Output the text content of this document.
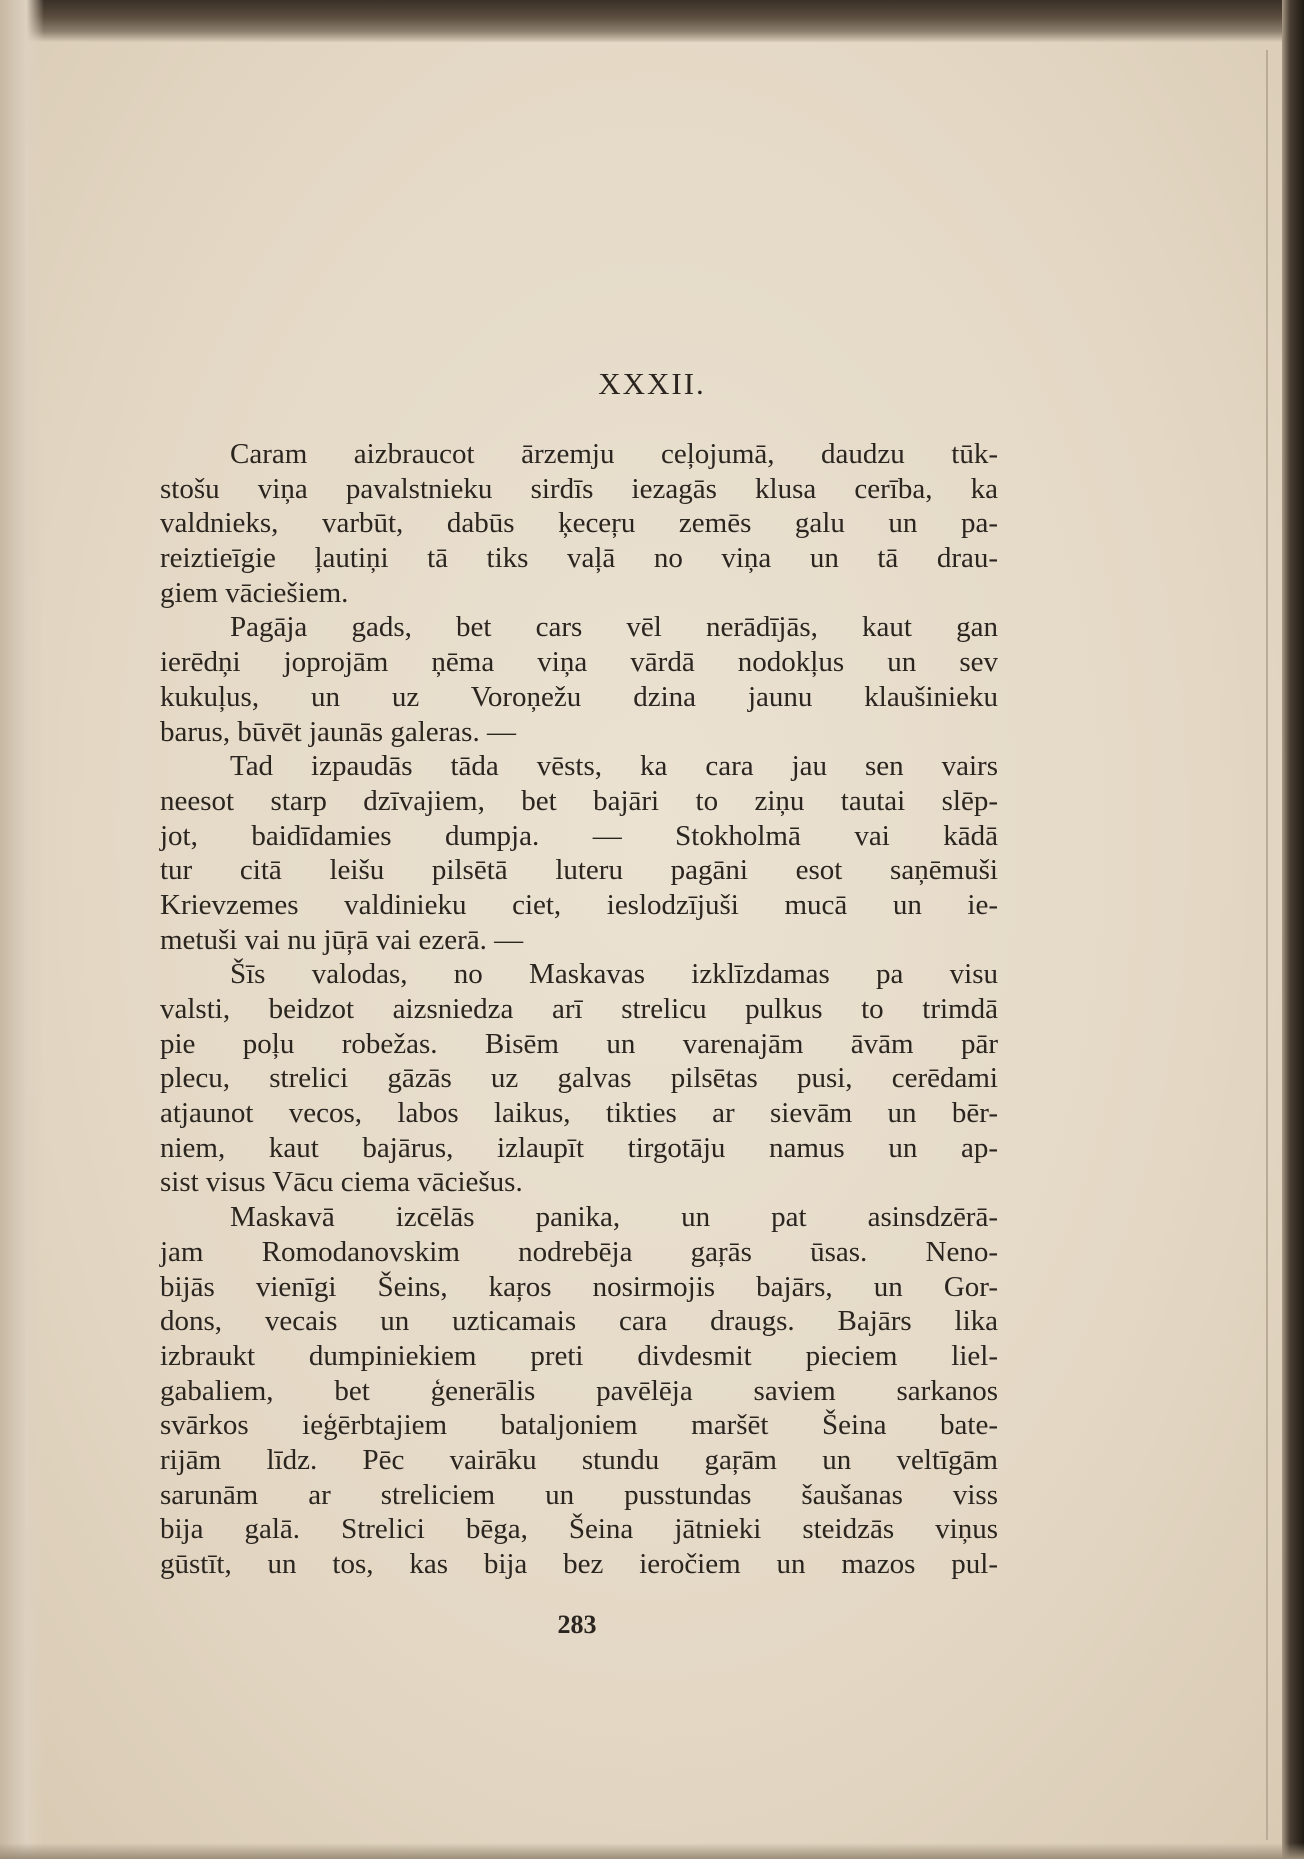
XXXII.
Caram aizbraucot ārzemju ceļojumā, daudzu tūk-
stošu viņa pavalstnieku sirdīs iezagās klusa cerība, ka
valdnieks, varbūt, dabūs ķeceŗu zemēs galu un pa-
reiztieīgie ļautiņi tā tiks vaļā no viņa un tā drau-
giem vāciešiem.
Pagāja gads, bet cars vēl nerādījās, kaut gan
ierēdņi joprojām ņēma viņa vārdā nodokļus un sev
kukuļus, un uz Voroņežu dzina jaunu klaušinieku
barus, būvēt jaunās galeras. —
Tad izpaudās tāda vēsts, ka cara jau sen vairs
neesot starp dzīvajiem, bet bajāri to ziņu tautai slēp-
jot, baidīdamies dumpja. — Stokholmā vai kādā
tur citā leišu pilsētā luteru pagāni esot saņēmuši
Krievzemes valdinieku ciet, ieslodzījuši mucā un ie-
metuši vai nu jūŗā vai ezerā. —
Šīs valodas, no Maskavas izklīzdamas pa visu
valsti, beidzot aizsniedza arī strelicu pulkus to trimdā
pie poļu robežas. Bisēm un varenajām āvām pār
plecu, strelici gāzās uz galvas pilsētas pusi, cerēdami
atjaunot vecos, labos laikus, tikties ar sievām un bēr-
niem, kaut bajārus, izlaupīt tirgotāju namus un ap-
sist visus Vācu ciema vāciešus.
Maskavā izcēlās panika, un pat asinsdzērā-
jam Romodanovskim nodrebēja gaŗās ūsas. Neno-
bijās vienīgi Šeins, kaŗos nosirmojis bajārs, un Gor-
dons, vecais un uzticamais cara draugs. Bajārs lika
izbraukt dumpiniekiem preti divdesmit pieciem liel-
gabaliem, bet ģenerālis pavēlēja saviem sarkanos
svārkos ieģērbtajiem bataljoniem maršēt Šeina bate-
rijām līdz. Pēc vairāku stundu gaŗām un veltīgām
sarunām ar streliciem un pusstundas šaušanas viss
bija galā. Strelici bēga, Šeina jātnieki steidzās viņus
gūstīt, un tos, kas bija bez ieročiem un mazos pul-
283
